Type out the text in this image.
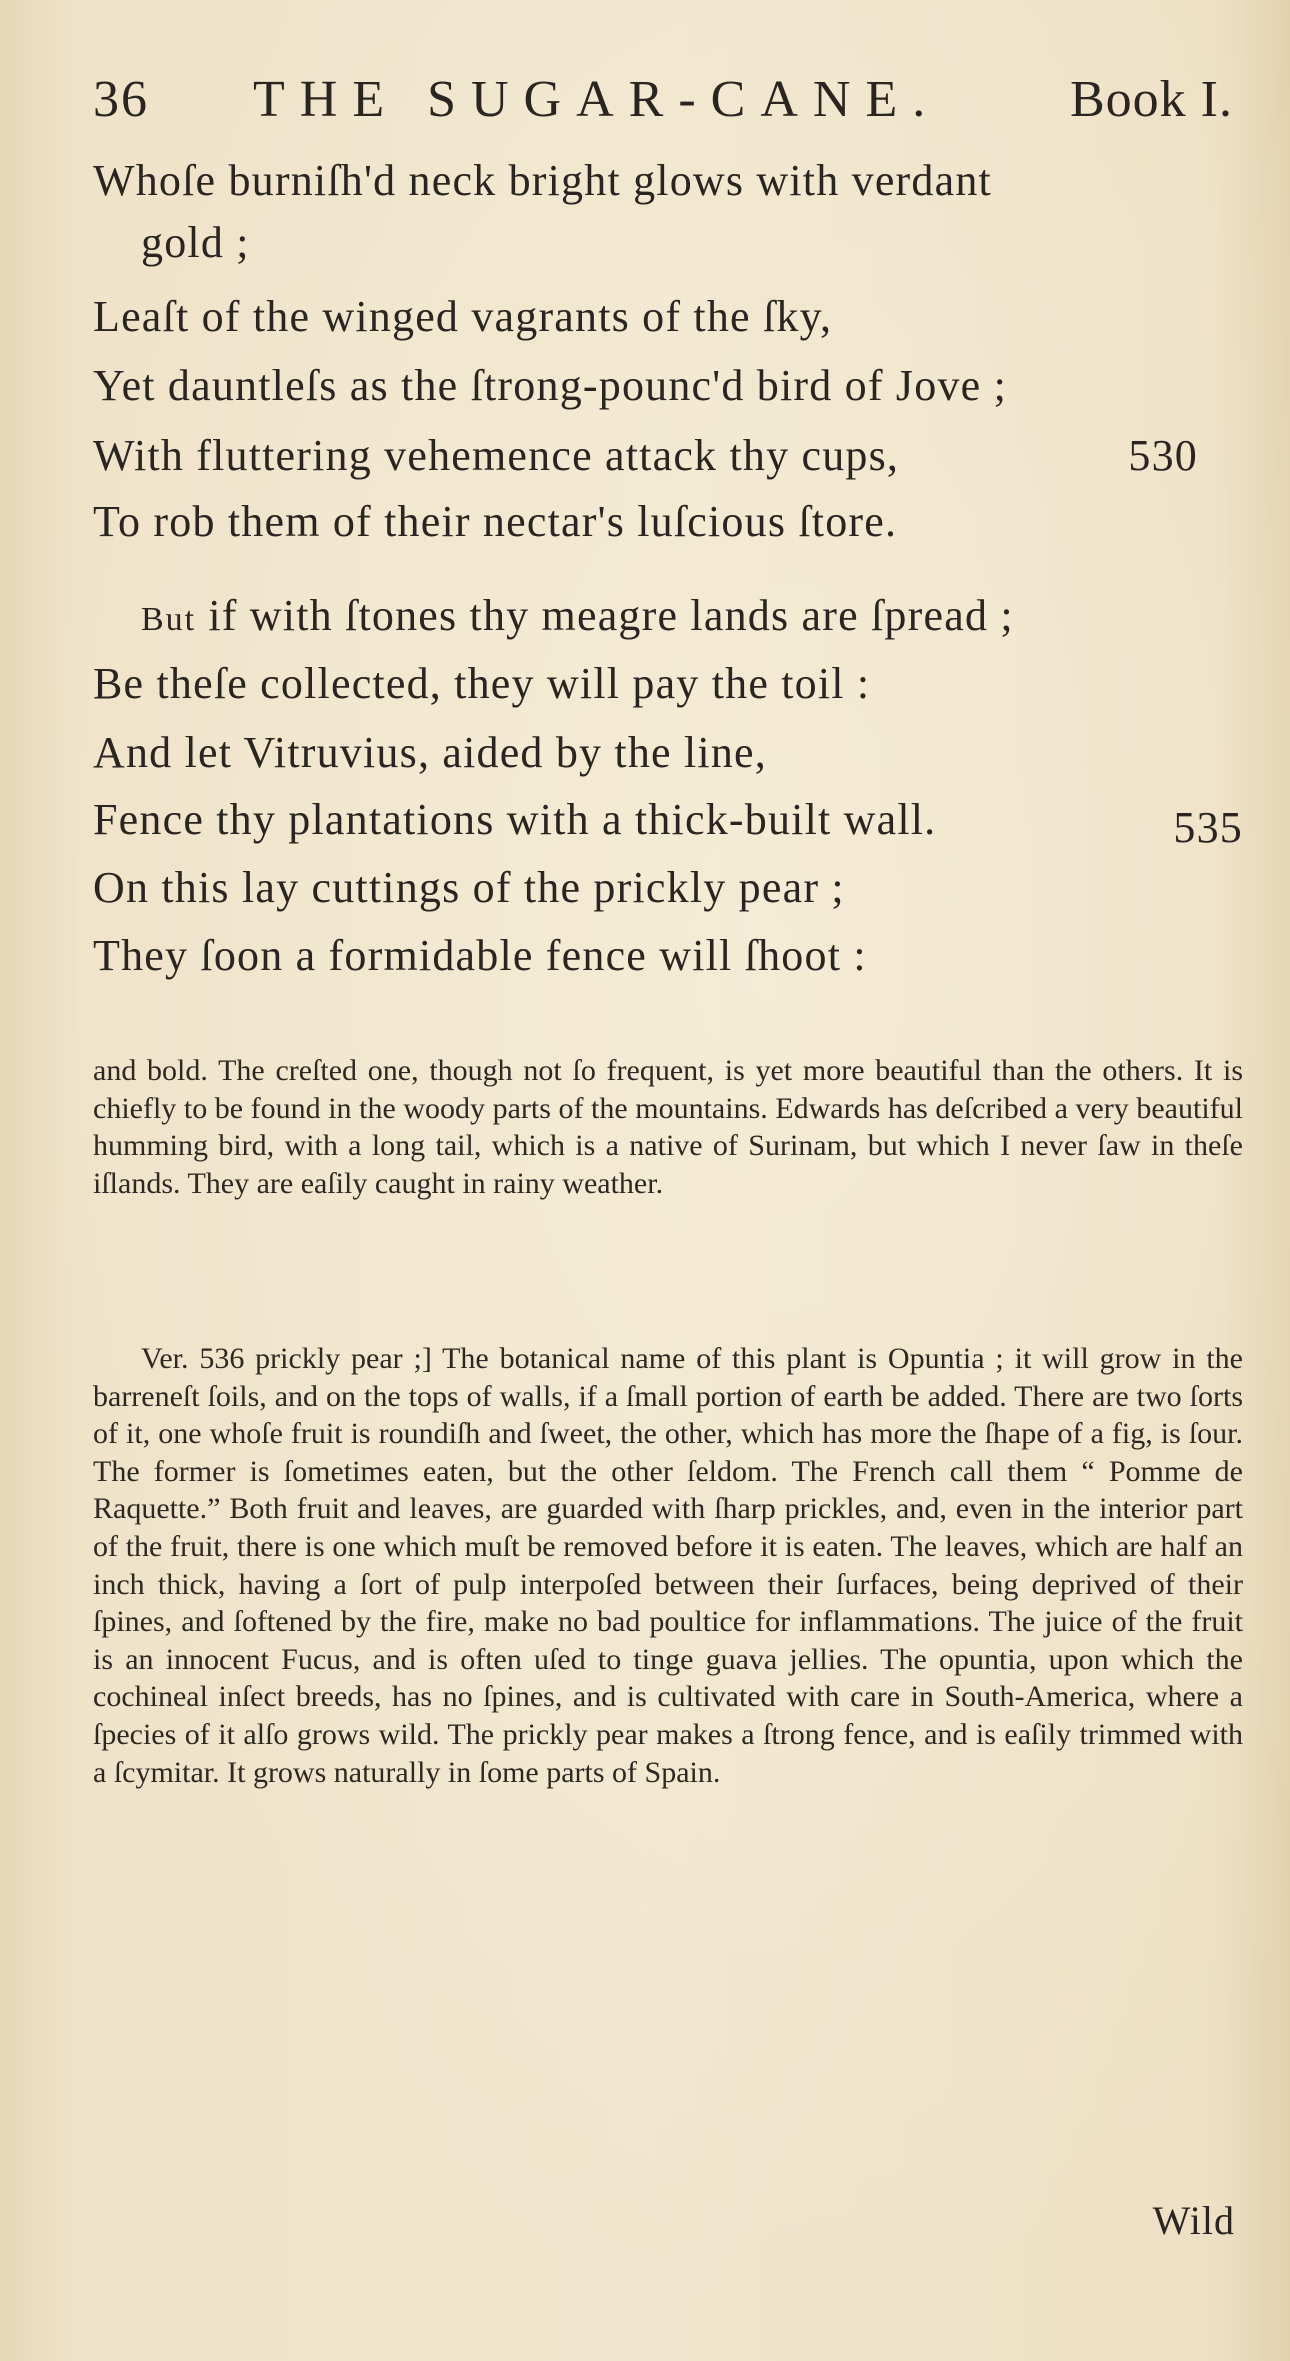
36 THE SUGAR-CANE. Book I.
Whoſe burniſh'd neck bright glows with verdant
gold ;
Leaſt of the winged vagrants of the ſky,
Yet dauntleſs as the ſtrong-pounc'd bird of Jove ;
With fluttering vehemence attack thy cups,	530
To rob them of their nectar's luſcious ſtore.
But if with ſtones thy meagre lands are ſpread ;
Be theſe collected, they will pay the toil :
And let Vitruvius, aided by the line,
Fence thy plantations with a thick-built wall.	535
On this lay cuttings of the prickly pear ;
They ſoon a formidable fence will ſhoot :

and bold. The creſted one, though not ſo frequent, is yet more beautiful than the others. It is chiefly to be found in the woody parts of the mountains. Edwards has deſcribed a very beautiful humming bird, with a long tail, which is a native of Surinam, but which I never ſaw in theſe iſlands. They are eaſily caught in rainy weather.

Ver. 536 prickly pear ;] The botanical name of this plant is Opuntia ; it will grow in the barreneſt ſoils, and on the tops of walls, if a ſmall portion of earth be added. There are two ſorts of it, one whoſe fruit is roundiſh and ſweet, the other, which has more the ſhape of a fig, is ſour. The former is ſometimes eaten, but the other ſeldom. The French call them “ Pomme de Raquette.” Both fruit and leaves, are guarded with ſharp prickles, and, even in the interior part of the fruit, there is one which muſt be removed before it is eaten. The leaves, which are half an inch thick, having a ſort of pulp interpoſed between their ſurfaces, being deprived of their ſpines, and ſoftened by the fire, make no bad poultice for inflammations. The juice of the fruit is an innocent Fucus, and is often uſed to tinge guava jellies. The opuntia, upon which the cochineal inſect breeds, has no ſpines, and is cultivated with care in South-America, where a ſpecies of it alſo grows wild. The prickly pear makes a ſtrong fence, and is eaſily trimmed with a ſcymitar. It grows naturally in ſome parts of Spain.

Wild
